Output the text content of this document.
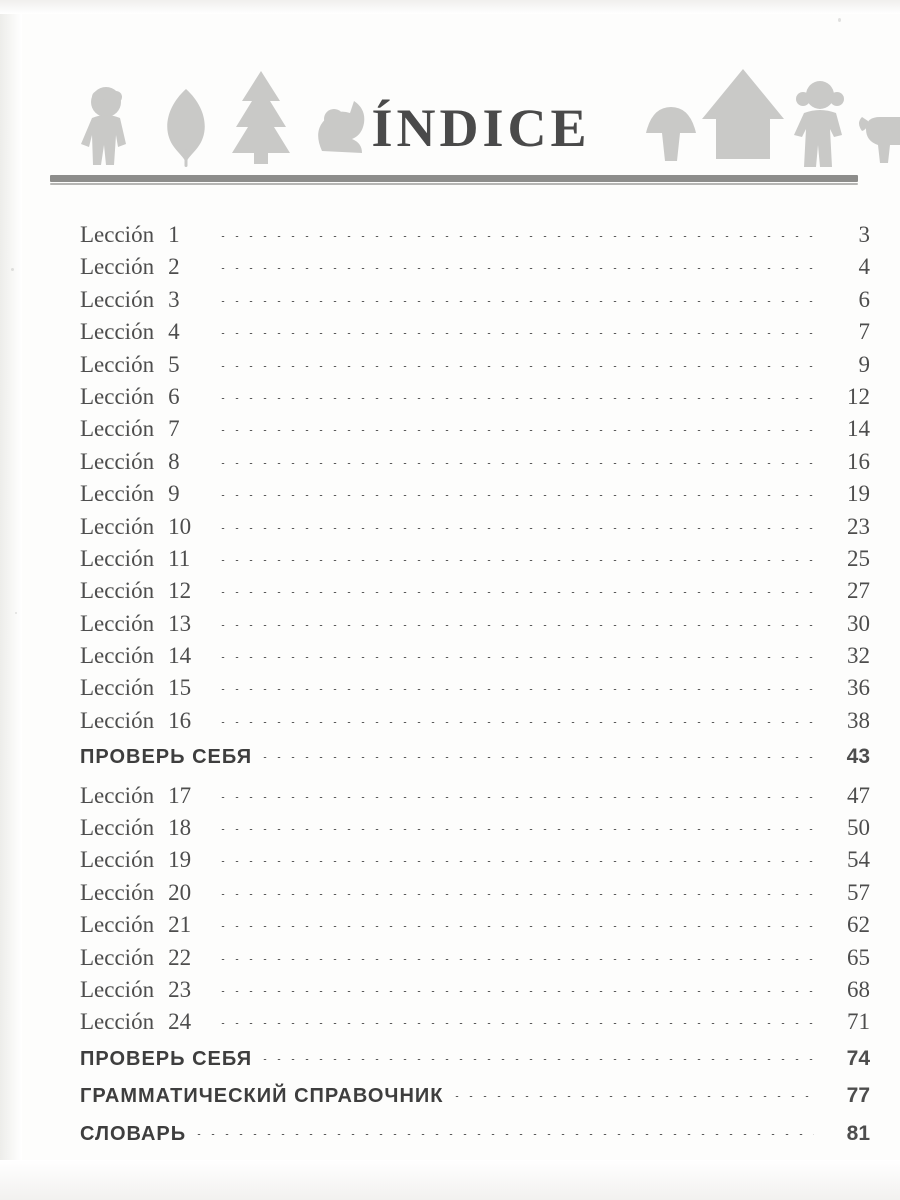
ÍNDICE
Lección 1	3
Lección 2	4
Lección 3	6
Lección 4	7
Lección 5	9
Lección 6	12
Lección 7	14
Lección 8	16
Lección 9	19
Lección 10	23
Lección 11	25
Lección 12	27
Lección 13	30
Lección 14	32
Lección 15	36
Lección 16	38
ПРОВЕРЬ СЕБЯ	43
Lección 17	47
Lección 18	50
Lección 19	54
Lección 20	57
Lección 21	62
Lección 22	65
Lección 23	68
Lección 24	71
ПРОВЕРЬ СЕБЯ	74
ГРАММАТИЧЕСКИЙ СПРАВОЧНИК	77
СЛОВАРЬ	81
